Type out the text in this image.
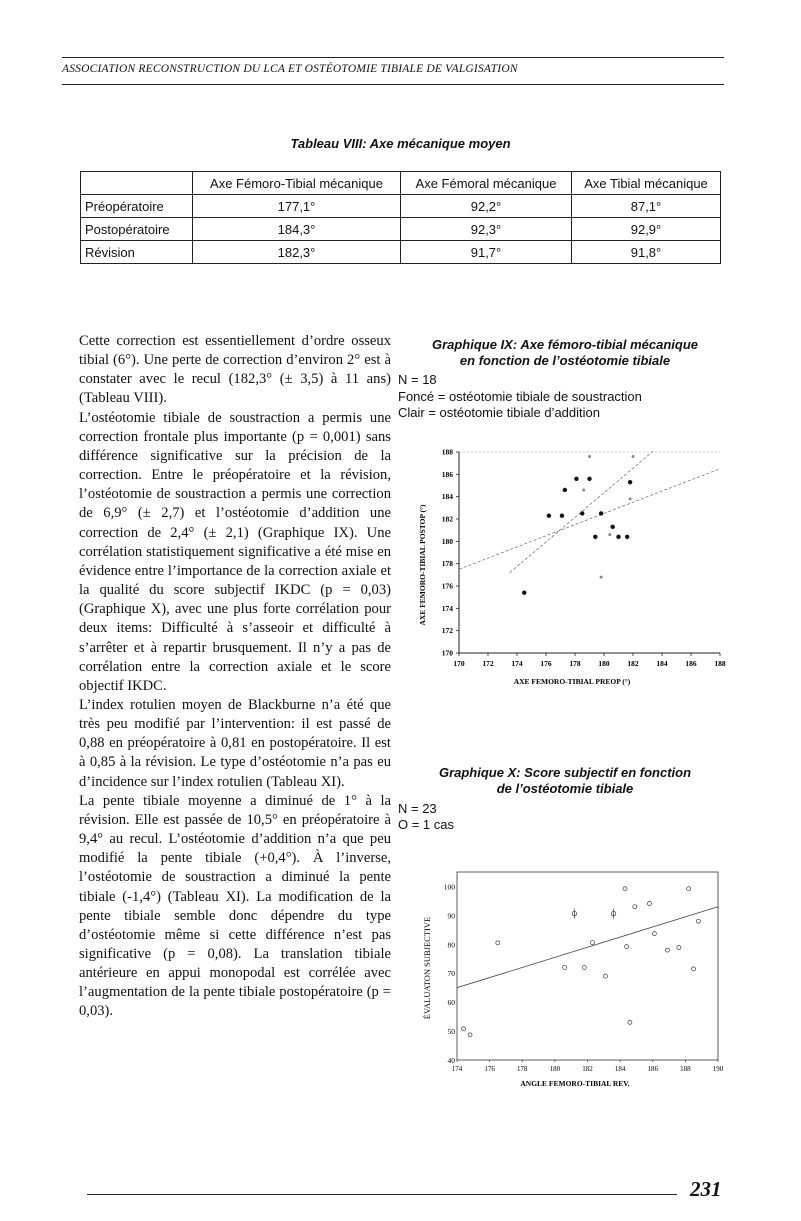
ASSOCIATION RECONSTRUCTION DU LCA ET OSTÉOTOMIE TIBIALE DE VALGISATION
Tableau VIII: Axe mécanique moyen
	Axe Fémoro-Tibial mécanique	Axe Fémoral mécanique	Axe Tibial mécanique
Préopératoire	177,1°	92,2°	87,1°
Postopératoire	184,3°	92,3°	92,9°
Révision	182,3°	91,7°	91,8°

Cette correction est essentiellement d’ordre osseux tibial (6°). Une perte de correction d’environ 2° est à constater avec le recul (182,3° (± 3,5) à 11 ans) (Tableau VIII).

L’ostéotomie tibiale de soustraction a permis une correction frontale plus importante (p = 0,001) sans différence significative sur la précision de la correction. Entre le préopératoire et la révision, l’ostéotomie de soustraction a permis une correction de 6,9° (± 2,7) et l’ostéotomie d’addition une correction de 2,4° (± 2,1) (Graphique IX). Une corrélation statistiquement significative a été mise en évidence entre l’importance de la correction axiale et la qualité du score subjectif IKDC (p = 0,03) (Graphique X), avec une plus forte corrélation pour deux items: Difficulté à s’asseoir et difficulté à s’arrêter et à repartir brusquement. Il n’y a pas de corrélation entre la correction axiale et le score objectif IKDC.

L’index rotulien moyen de Blackburne n’a été que très peu modifié par l’intervention: il est passé de 0,88 en préopératoire à 0,81 en postopératoire. Il est à 0,85 à la révision. Le type d’ostéotomie n’a pas eu d’incidence sur l’index rotulien (Tableau XI).

La pente tibiale moyenne a diminué de 1° à la révision. Elle est passée de 10,5° en préopératoire à 9,4° au recul. L’ostéotomie d’addition n’a que peu modifié la pente tibiale (+0,4°). À l’inverse, l’ostéotomie de soustraction a diminué la pente tibiale (-1,4°) (Tableau XI). La modification de la pente tibiale semble donc dépendre du type d’ostéotomie même si cette différence n’est pas significative (p = 0,08). La translation tibiale antérieure en appui monopodal est corrélée avec l’augmentation de la pente tibiale postopératoire (p = 0,03).

Graphique IX: Axe fémoro-tibial mécanique
en fonction de l’ostéotomie tibiale
N = 18
Foncé = ostéotomie tibiale de soustraction
Clair = ostéotomie tibiale d’addition
170 172 174 176 178 180 182 184 186 188
170
172
174
176
178
180
182
184
186
188
AXE FEMORO-TIBIAL PREOP (°)
AXE FEMORO-TIBIAL POSTOP (°)
Graphique X: Score subjectif en fonction
de l’ostéotomie tibiale
N = 23
O = 1 cas
174	176	178	180	182	184	186	188	190
40
50
60
70
80
90
100
ANGLE FEMORO-TIBIAL REV.
ÉVALUATON SUBJECTIVE
231
